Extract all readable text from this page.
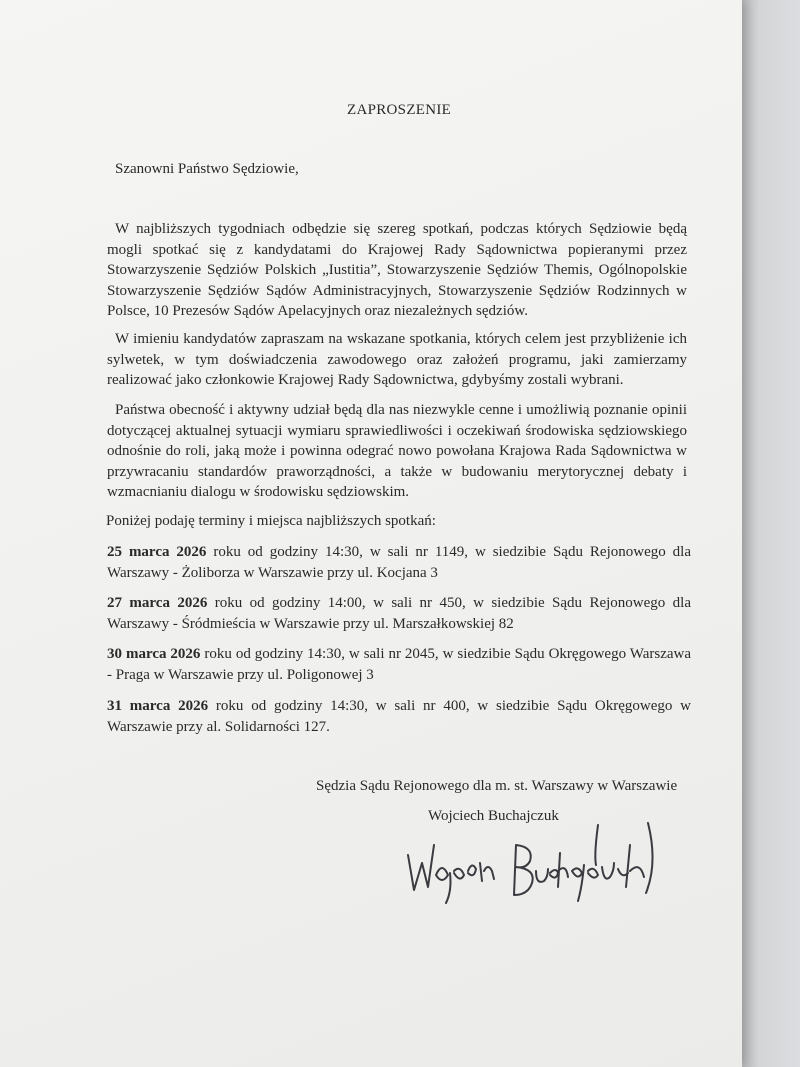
ZAPROSZENIE
Szanowni Państwo Sędziowie,

W najbliższych tygodniach odbędzie się szereg spotkań, podczas których Sędziowie będą mogli spotkać się z kandydatami do Krajowej Rady Sądownictwa popieranymi przez Stowarzyszenie Sędziów Polskich „Iustitia”, Stowarzyszenie Sędziów Themis, Ogólnopolskie Stowarzyszenie Sędziów Sądów Administracyjnych, Stowarzyszenie Sędziów Rodzinnych w Polsce, 10 Prezesów Sądów Apelacyjnych oraz niezależnych sędziów.

W imieniu kandydatów zapraszam na wskazane spotkania, których celem jest przybliżenie ich sylwetek, w tym doświadczenia zawodowego oraz założeń programu, jaki zamierzamy realizować jako członkowie Krajowej Rady Sądownictwa, gdybyśmy zostali wybrani.

Państwa obecność i aktywny udział będą dla nas niezwykle cenne i umożliwią poznanie opinii dotyczącej aktualnej sytuacji wymiaru sprawiedliwości i oczekiwań środowiska sędziowskiego odnośnie do roli, jaką może i powinna odegrać nowo powołana Krajowa Rada Sądownictwa w przywracaniu standardów praworządności, a także w budowaniu merytorycznej debaty i wzmacnianiu dialogu w środowisku sędziowskim.

Poniżej podaję terminy i miejsca najbliższych spotkań:

25 marca 2026 roku od godziny 14:30, w sali nr 1149, w siedzibie Sądu Rejonowego dla Warszawy - Żoliborza w Warszawie przy ul. Kocjana 3

27 marca 2026 roku od godziny 14:00, w sali nr 450, w siedzibie Sądu Rejonowego dla Warszawy - Śródmieścia w Warszawie przy ul. Marszałkowskiej 82

30 marca 2026 roku od godziny 14:30, w sali nr 2045, w siedzibie Sądu Okręgowego Warszawa - Praga w Warszawie przy ul. Poligonowej 3

31 marca 2026 roku od godziny 14:30, w sali nr 400, w siedzibie Sądu Okręgowego w Warszawie przy al. Solidarności 127.

Sędzia Sądu Rejonowego dla m. st. Warszawy w Warszawie
Wojciech Buchajczuk
